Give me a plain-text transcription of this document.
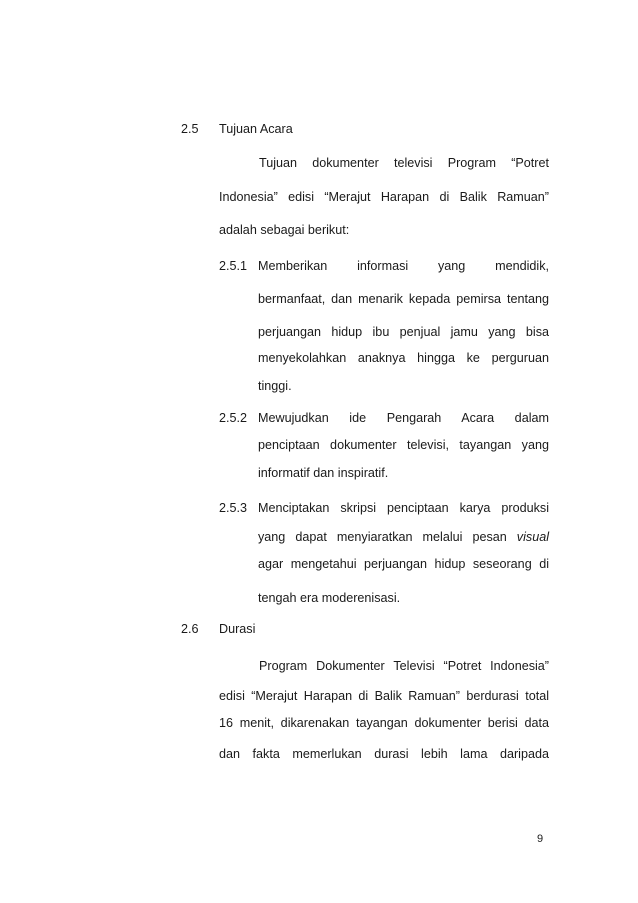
2.5 Tujuan Acara
Tujuan dokumenter televisi Program “Potret
Indonesia” edisi “Merajut Harapan di Balik Ramuan”
adalah sebagai berikut:
2.5.1 Memberikan informasi yang mendidik,
bermanfaat, dan menarik kepada pemirsa tentang
perjuangan hidup ibu penjual jamu yang bisa
menyekolahkan anaknya hingga ke perguruan
tinggi.
2.5.2 Mewujudkan ide Pengarah Acara dalam
penciptaan dokumenter televisi, tayangan yang
informatif dan inspiratif.
2.5.3 Menciptakan skripsi penciptaan karya produksi
yang dapat menyiaratkan melalui pesan visual
agar mengetahui perjuangan hidup seseorang di
tengah era moderenisasi.
2.6 Durasi
Program Dokumenter Televisi “Potret Indonesia”
edisi “Merajut Harapan di Balik Ramuan” berdurasi total
16 menit, dikarenakan tayangan dokumenter berisi data
dan fakta memerlukan durasi lebih lama daripada
9
